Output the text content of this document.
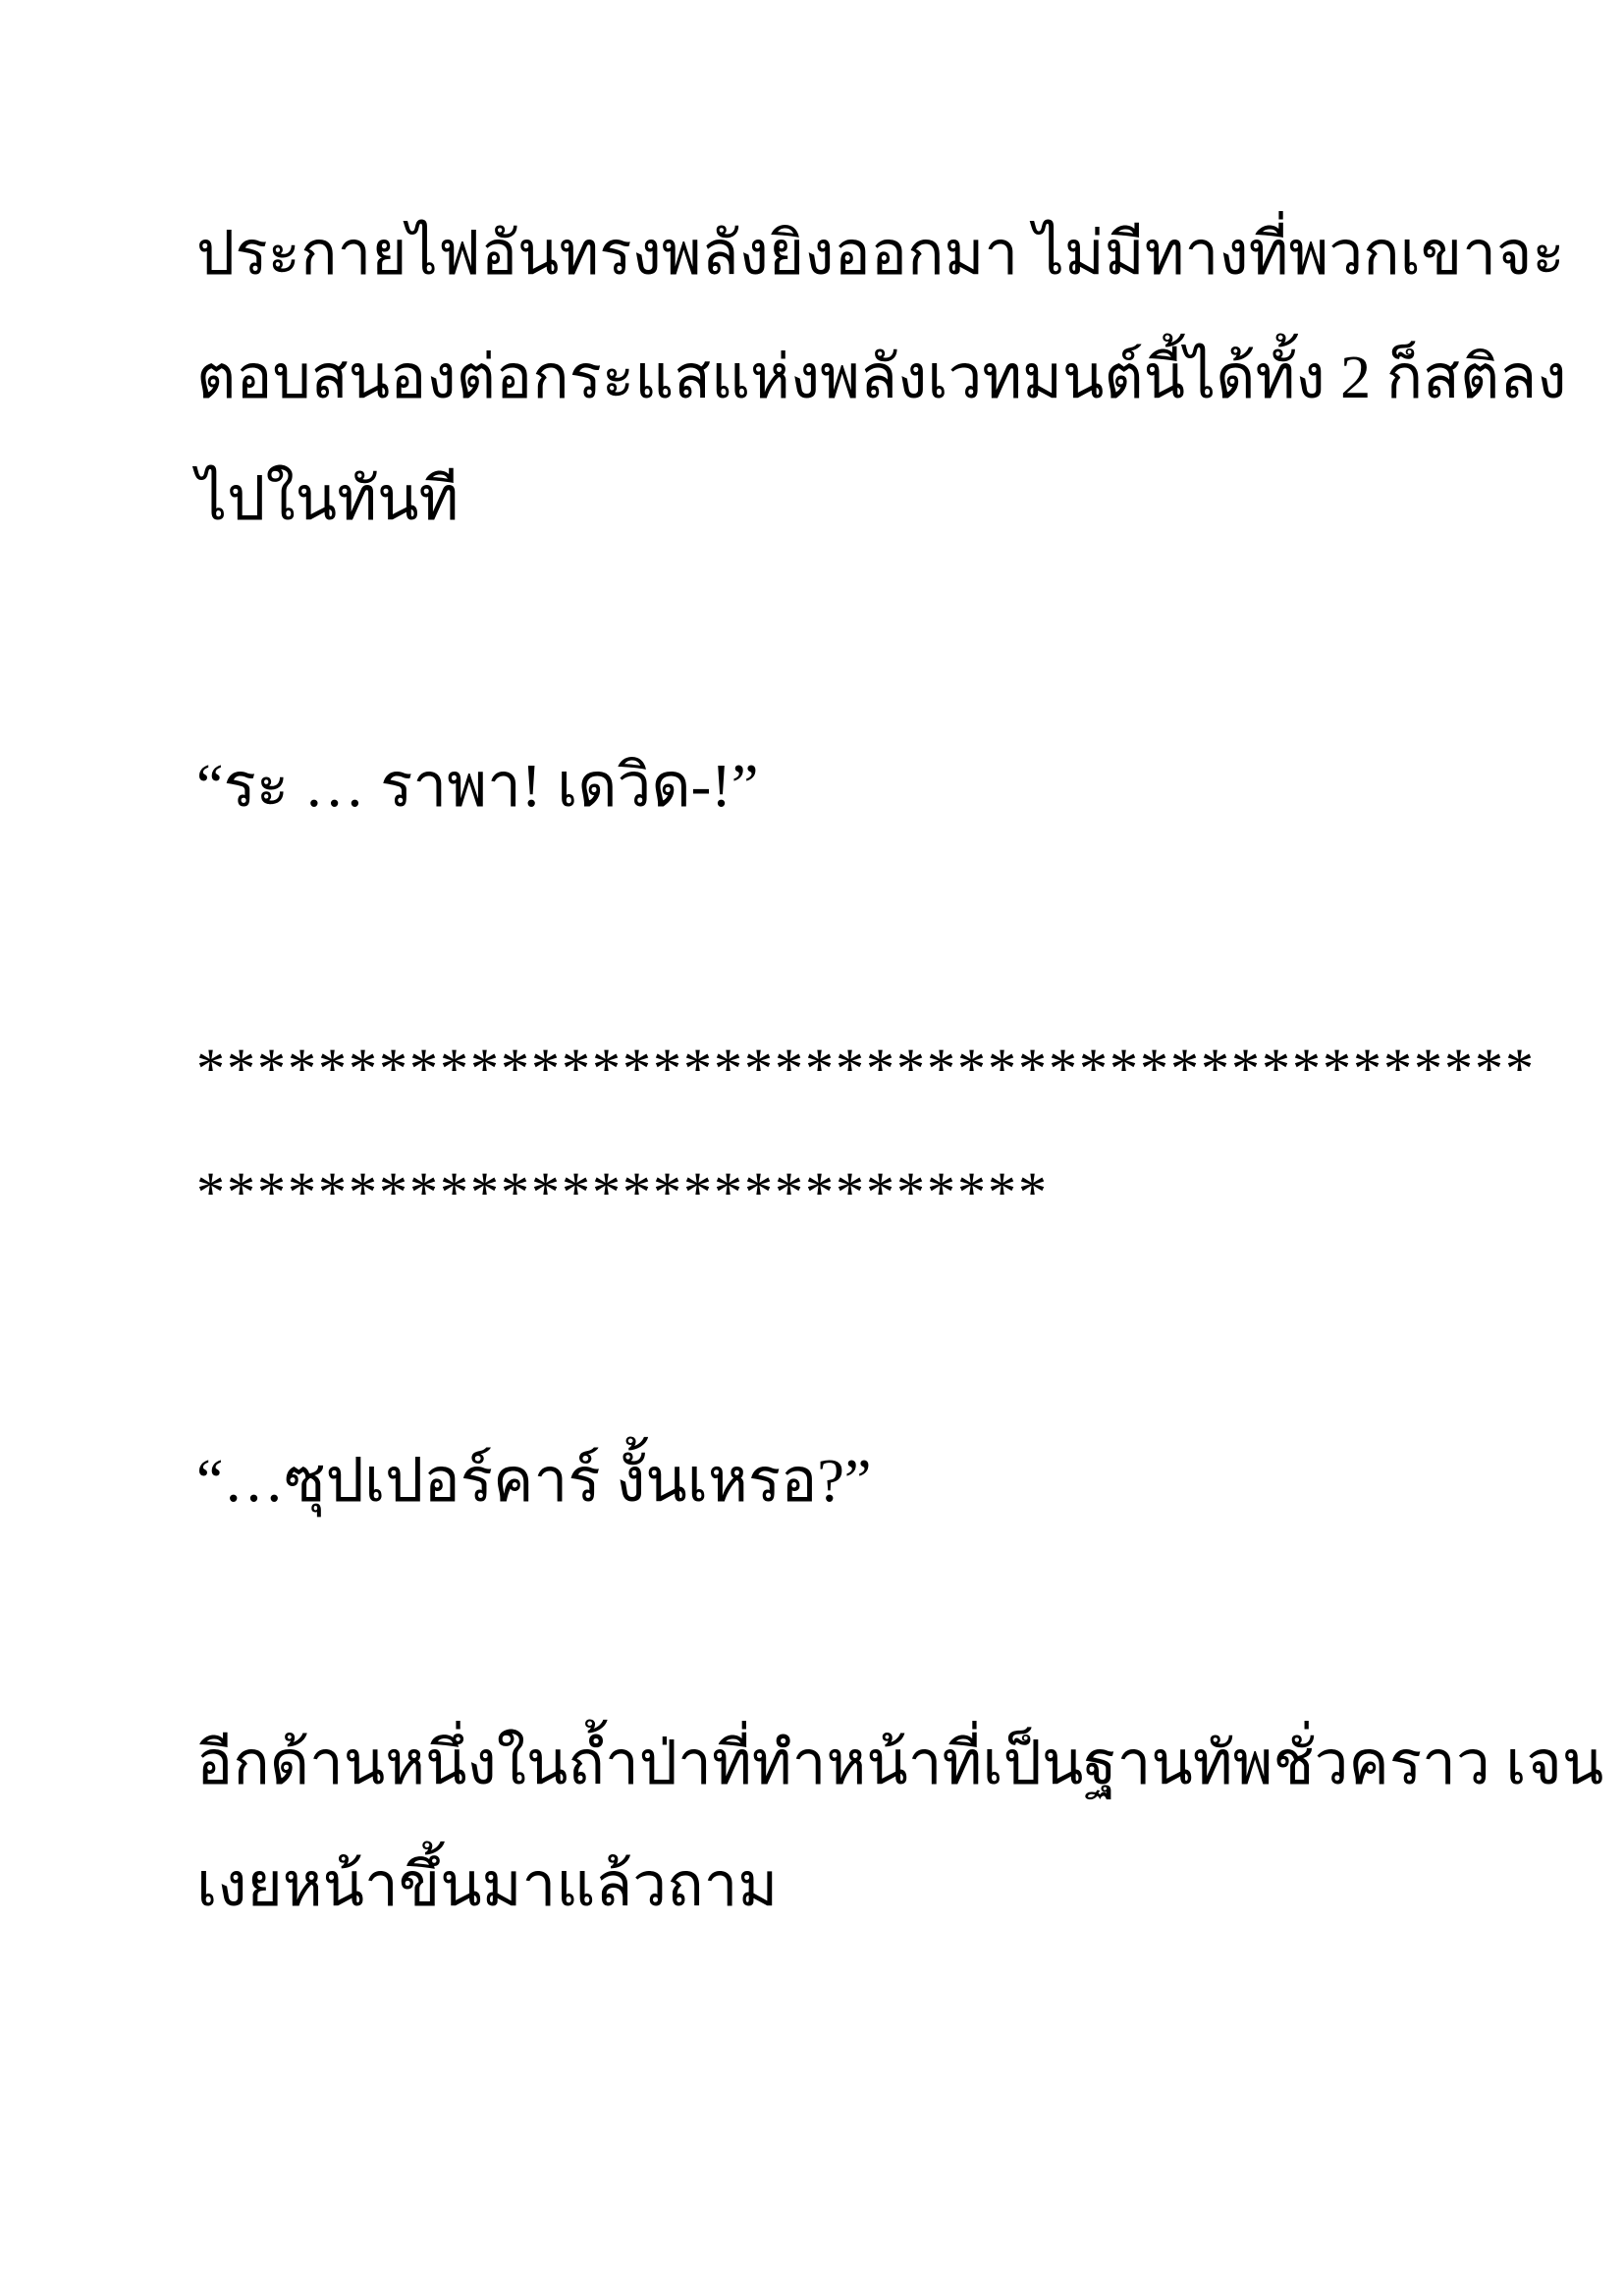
ประกายไฟอันทรงพลังยิงออกมา ไม่มีทางที่พวกเขาจะ

ตอบสนองต่อกระแสแห่งพลังเวทมนต์นี้ได้ทั้ง 2 ก็สติลง

ไปในทันที

“ระ … ราพา! เดวิด-!”

********************************************

****************************

“…ซุปเปอร์คาร์ งั้นเหรอ?”

อีกด้านหนึ่งในถ้ำป่าที่ทำหน้าที่เป็นฐานทัพชั่วคราว เจน

เงยหน้าขึ้นมาแล้วถาม
